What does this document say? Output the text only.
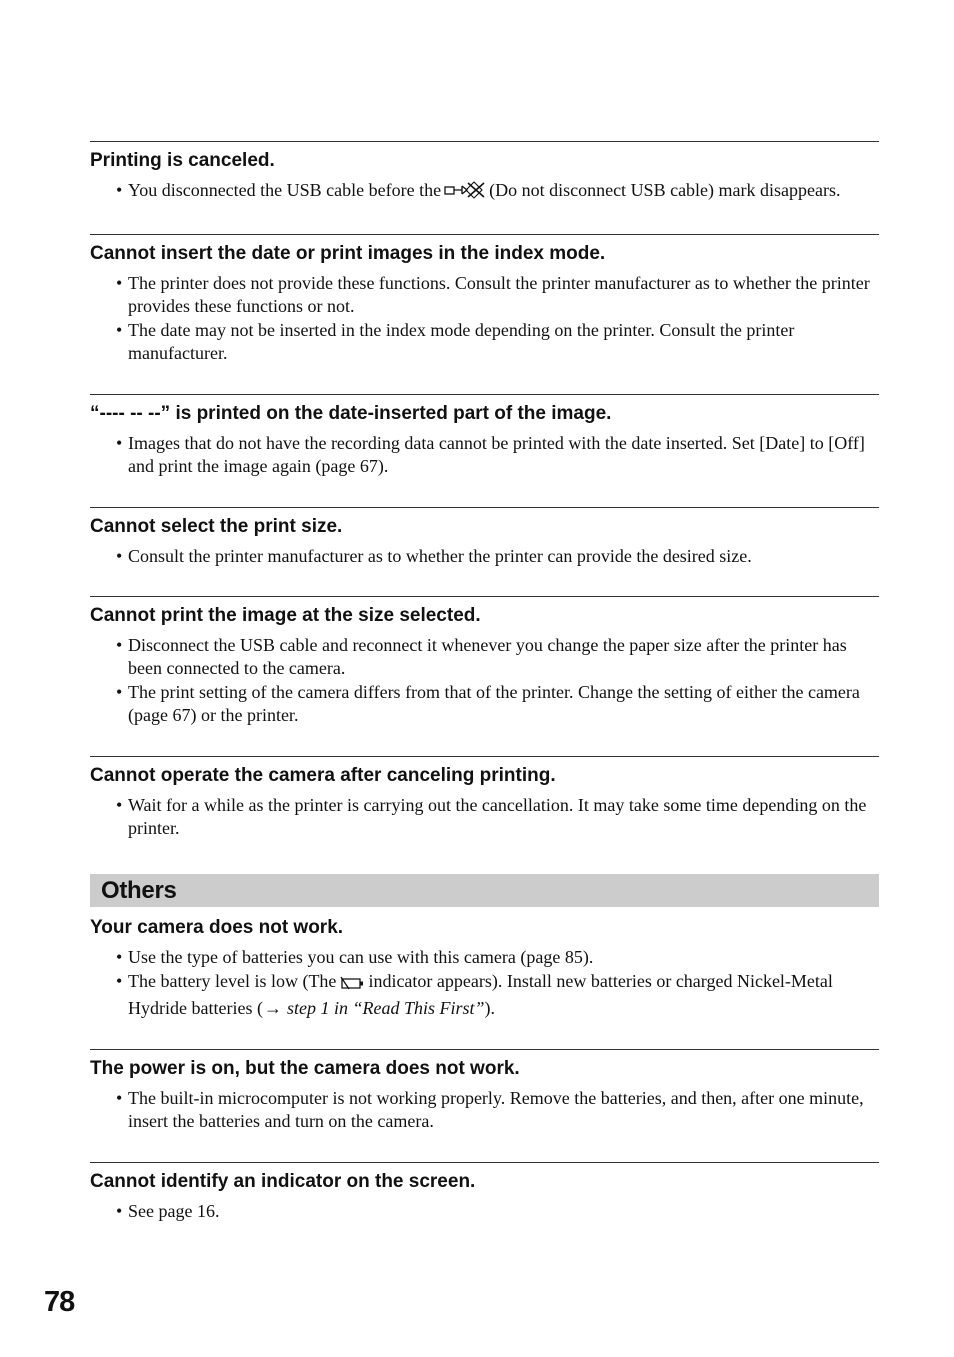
Printing is canceled.
• You disconnected the USB cable before the	(Do not disconnect USB cable) mark disappears.
Cannot insert the date or print images in the index mode.
• The printer does not provide these functions. Consult the printer manufacturer as to whether the printer provides these functions or not.
• The date may not be inserted in the index mode depending on the printer. Consult the printer manufacturer.
“---- -- --” is printed on the date-inserted part of the image.
• Images that do not have the recording data cannot be printed with the date inserted. Set [Date] to [Off] and print the image again (page 67).
Cannot select the print size.
• Consult the printer manufacturer as to whether the printer can provide the desired size.
Cannot print the image at the size selected.
• Disconnect the USB cable and reconnect it whenever you change the paper size after the printer has been connected to the camera.
• The print setting of the camera differs from that of the printer. Change the setting of either the camera (page 67) or the printer.
Cannot operate the camera after canceling printing.
• Wait for a while as the printer is carrying out the cancellation. It may take some time depending on the printer.
Others
Your camera does not work.
• Use the type of batteries you can use with this camera (page 85).
• The battery level is low (The indicator appears). Install new batteries or charged Nickel-Metal Hydride batteries (→ step 1 in “Read This First”).
The power is on, but the camera does not work.
• The built-in microcomputer is not working properly. Remove the batteries, and then, after one minute, insert the batteries and turn on the camera.
Cannot identify an indicator on the screen.
• See page 16.
78
